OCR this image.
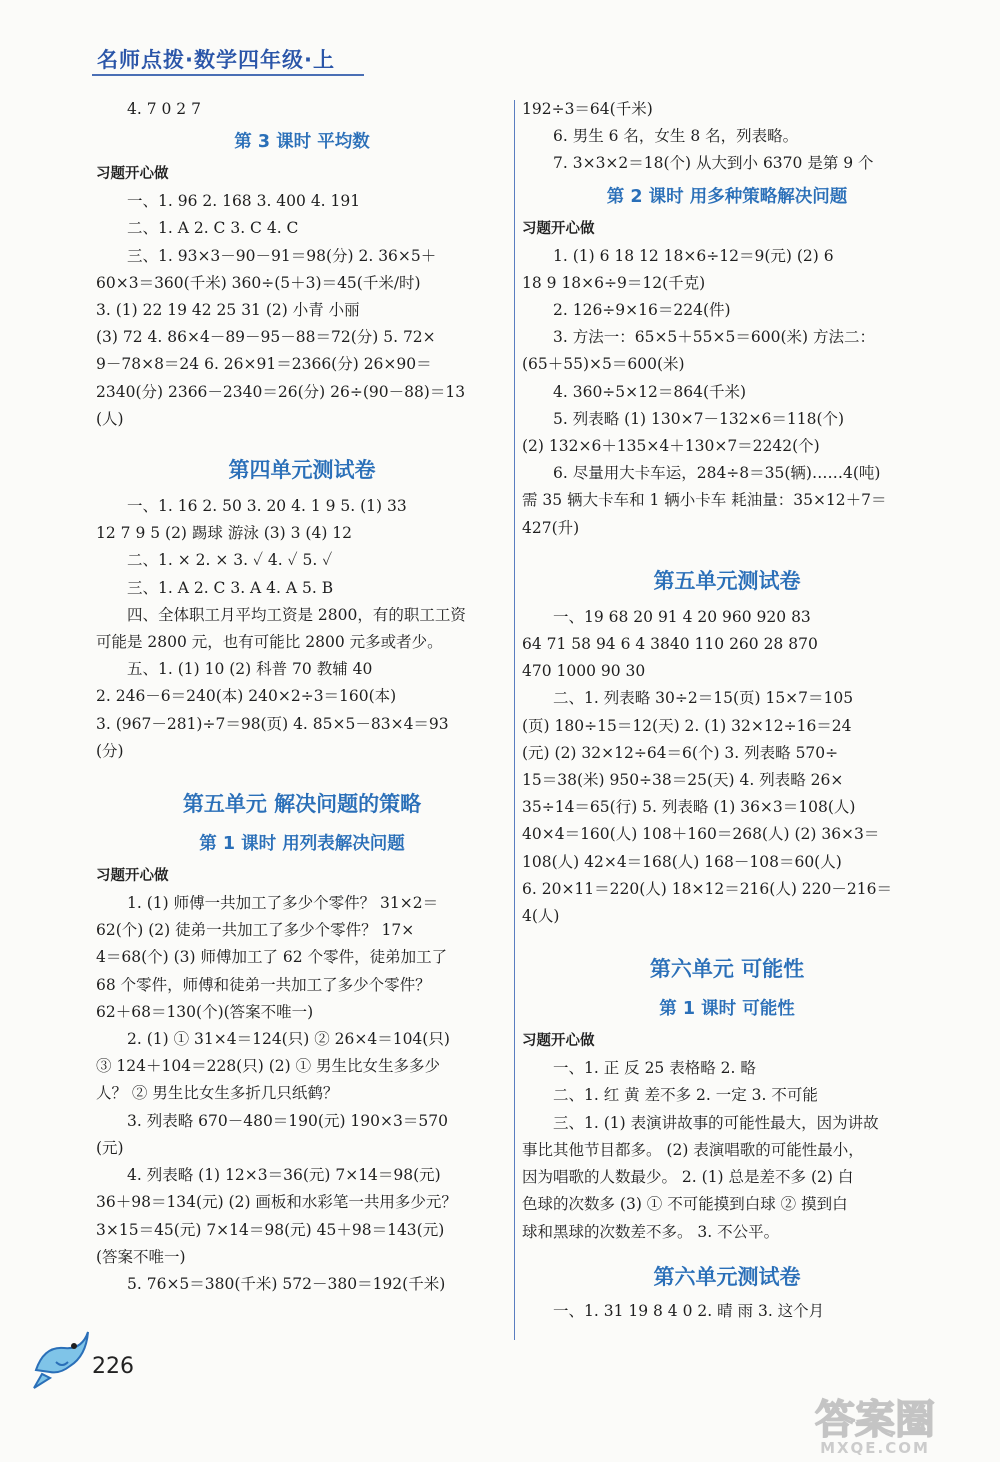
名师点拨·数学四年级·上
4. 7 0 2 7
第 3 课时 平均数
习题开心做
一、1. 96 2. 168 3. 400 4. 191
二、1. A 2. C 3. C 4. C
三、1. 93×3－90－91＝98(分) 2. 36×5＋
60×3＝360(千米) 360÷(5＋3)＝45(千米/时)
3. (1) 22 19 42 25 31 (2) 小青 小丽
(3) 72 4. 86×4－89－95－88＝72(分) 5. 72×
9－78×8＝24 6. 26×91＝2366(分) 26×90＝
2340(分) 2366－2340＝26(分) 26÷(90－88)＝13
(人)
第四单元测试卷
一、1. 16 2. 50 3. 20 4. 1 9 5. (1) 33
12 7 9 5 (2) 踢球 游泳 (3) 3 (4) 12
二、1. × 2. × 3. ✓ 4. ✓ 5. ✓
三、1. A 2. C 3. A 4. A 5. B
四、全体职工月平均工资是 2800，有的职工工资
可能是 2800 元，也有可能比 2800 元多或者少。
五、1. (1) 10 (2) 科普 70 教辅 40
2. 246－6＝240(本) 240×2÷3＝160(本)
3. (967－281)÷7＝98(页) 4. 85×5－83×4＝93
(分)
第五单元 解决问题的策略
第 1 课时 用列表解决问题
习题开心做
1. (1) 师傅一共加工了多少个零件？ 31×2＝
62(个) (2) 徒弟一共加工了多少个零件？ 17×
4＝68(个) (3) 师傅加工了 62 个零件，徒弟加工了
68 个零件，师傅和徒弟一共加工了多少个零件？
62＋68＝130(个)(答案不唯一)
2. (1) ① 31×4＝124(只) ② 26×4＝104(只)
③ 124＋104＝228(只) (2) ① 男生比女生多多少
人？ ② 男生比女生多折几只纸鹤？
3. 列表略 670－480＝190(元) 190×3＝570
(元)
4. 列表略 (1) 12×3＝36(元) 7×14＝98(元)
36＋98＝134(元) (2) 画板和水彩笔一共用多少元？
3×15＝45(元) 7×14＝98(元) 45＋98＝143(元)
(答案不唯一)
5. 76×5＝380(千米) 572－380＝192(千米)
192÷3＝64(千米)
6. 男生 6 名，女生 8 名，列表略。
7. 3×3×2＝18(个) 从大到小 6370 是第 9 个
第 2 课时 用多种策略解决问题
习题开心做
1. (1) 6 18 12 18×6÷12＝9(元) (2) 6
18 9 18×6÷9＝12(千克)
2. 126÷9×16＝224(件)
3. 方法一：65×5＋55×5＝600(米) 方法二：
(65＋55)×5＝600(米)
4. 360÷5×12＝864(千米)
5. 列表略 (1) 130×7－132×6＝118(个)
(2) 132×6＋135×4＋130×7＝2242(个)
6. 尽量用大卡车运，284÷8＝35(辆)……4(吨)
需 35 辆大卡车和 1 辆小卡车 耗油量：35×12＋7＝
427(升)
第五单元测试卷
一、19 68 20 91 4 20 960 920 83
64 71 58 94 6 4 3840 110 260 28 870
470 1000 90 30
二、1. 列表略 30÷2＝15(页) 15×7＝105
(页) 180÷15＝12(天) 2. (1) 32×12÷16＝24
(元) (2) 32×12÷64＝6(个) 3. 列表略 570÷
15＝38(米) 950÷38＝25(天) 4. 列表略 26×
35÷14＝65(行) 5. 列表略 (1) 36×3＝108(人)
40×4＝160(人) 108＋160＝268(人) (2) 36×3＝
108(人) 42×4＝168(人) 168－108＝60(人)
6. 20×11＝220(人) 18×12＝216(人) 220－216＝
4(人)
第六单元 可能性
第 1 课时 可能性
习题开心做
一、1. 正 反 25 表格略 2. 略
二、1. 红 黄 差不多 2. 一定 3. 不可能
三、1. (1) 表演讲故事的可能性最大，因为讲故
事比其他节目都多。 (2) 表演唱歌的可能性最小，
因为唱歌的人数最少。 2. (1) 总是差不多 (2) 白
色球的次数多 (3) ① 不可能摸到白球 ② 摸到白
球和黑球的次数差不多。 3. 不公平。
第六单元测试卷
一、1. 31 19 8 4 0 2. 晴 雨 3. 这个月
226
答案圈
MXQE.COM
